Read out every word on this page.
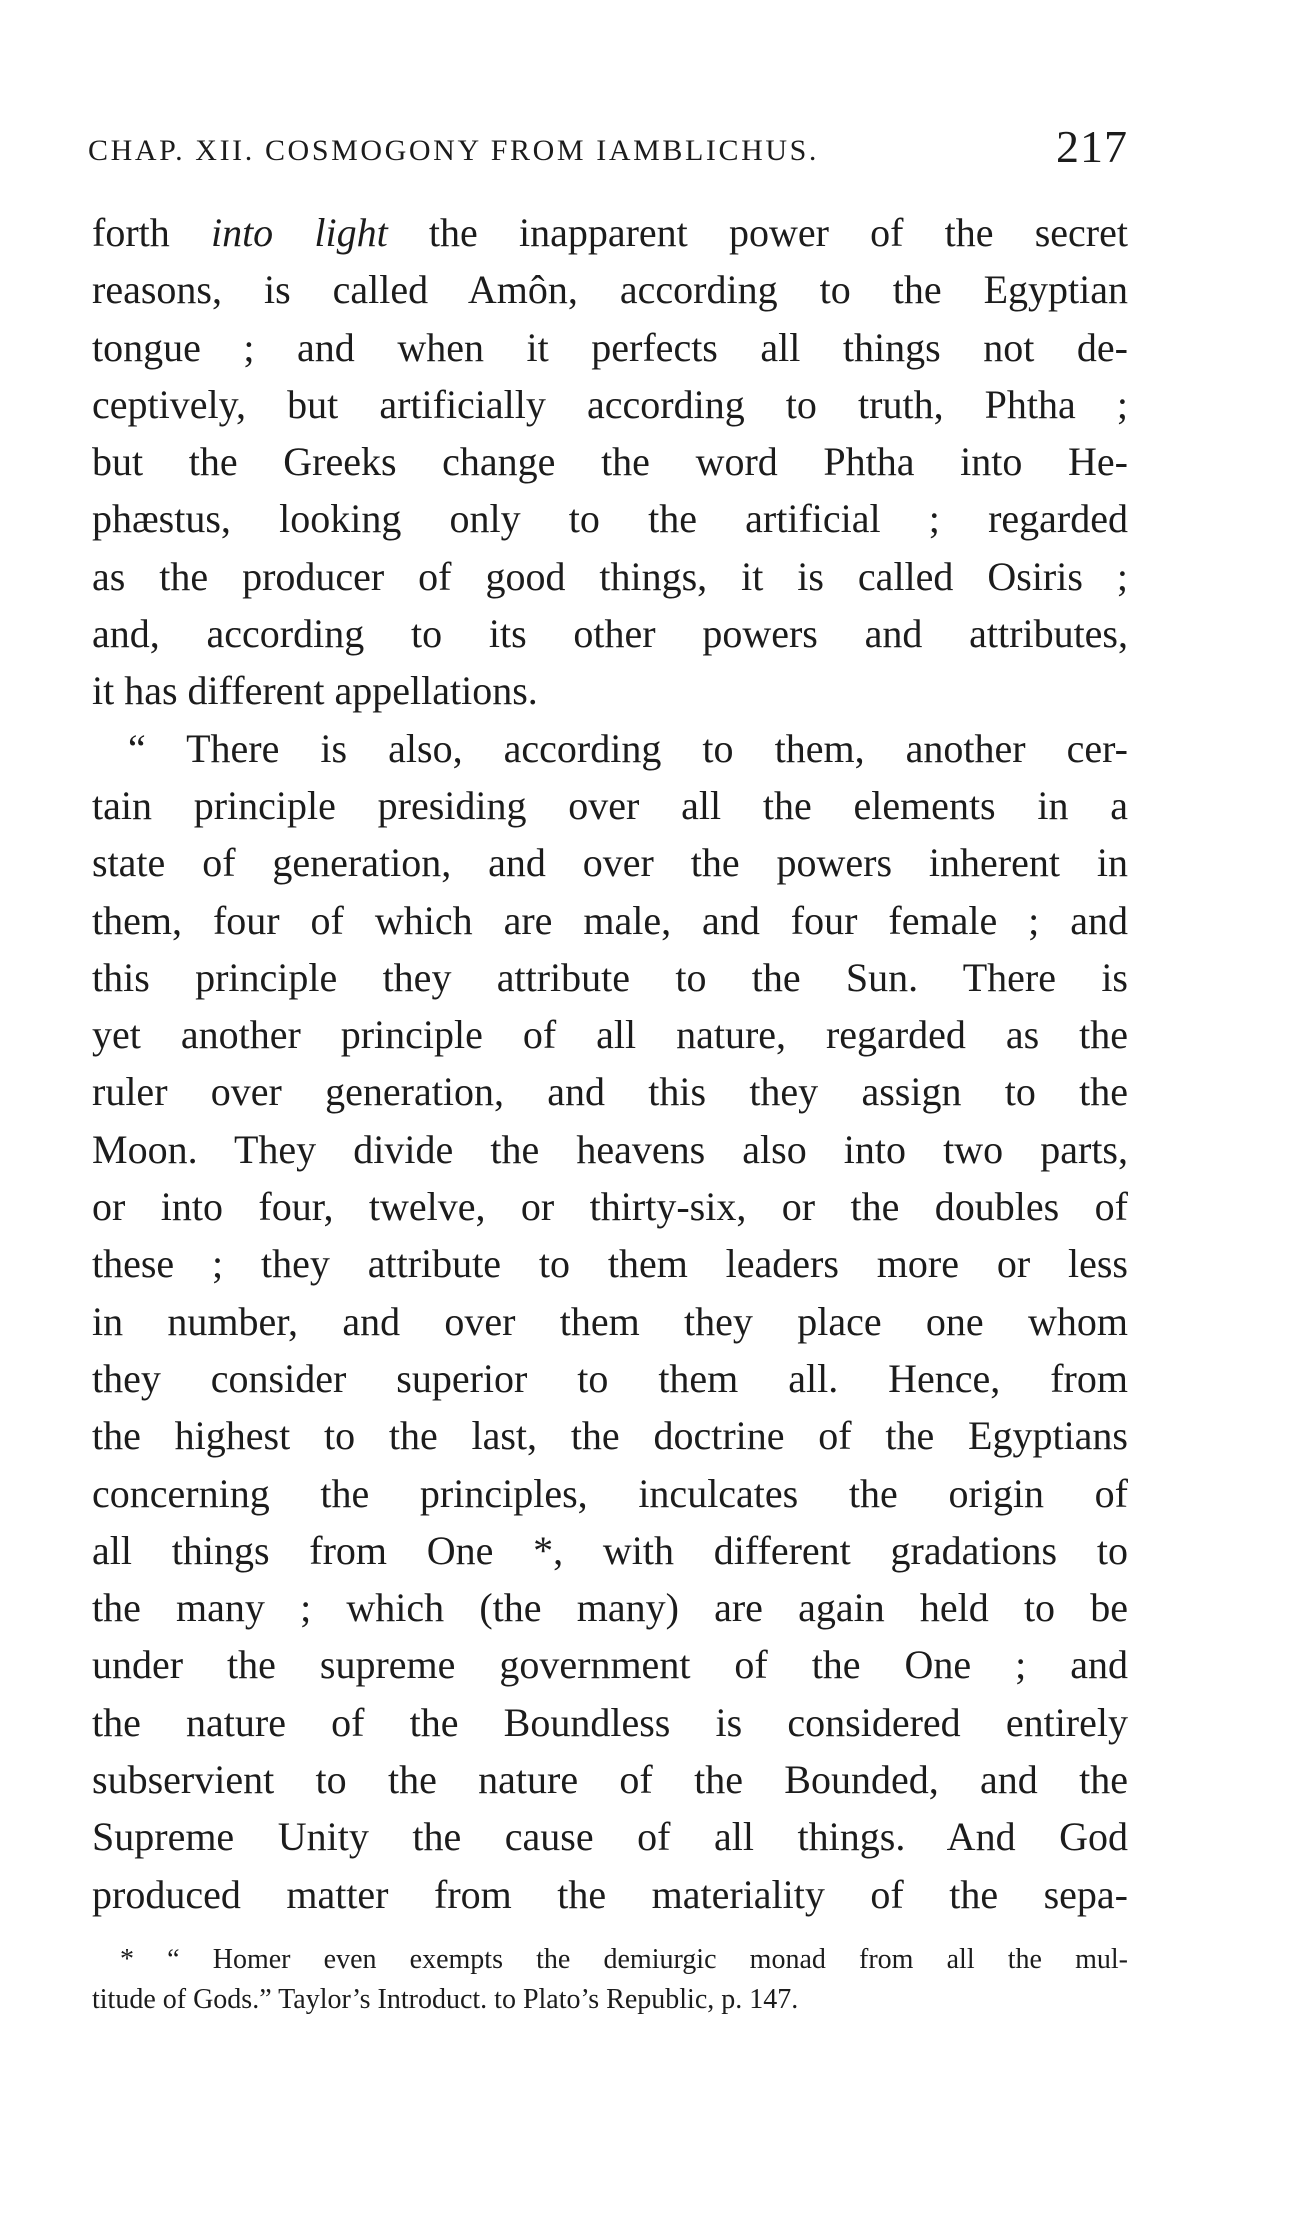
CHAP. XII. COSMOGONY FROM IAMBLICHUS.	217
forth into light the inapparent power of the secret
reasons, is called Amôn, according to the Egyptian
tongue ; and when it perfects all things not de-
ceptively, but artificially according to truth, Phtha ;
but the Greeks change the word Phtha into He-
phæstus, looking only to the artificial ; regarded
as the producer of good things, it is called Osiris ;
and, according to its other powers and attributes,
it has different appellations.
“ There is also, according to them, another cer-
tain principle presiding over all the elements in a
state of generation, and over the powers inherent in
them, four of which are male, and four female ; and
this principle they attribute to the Sun. There is
yet another principle of all nature, regarded as the
ruler over generation, and this they assign to the
Moon. They divide the heavens also into two parts,
or into four, twelve, or thirty-six, or the doubles of
these ; they attribute to them leaders more or less
in number, and over them they place one whom
they consider superior to them all. Hence, from
the highest to the last, the doctrine of the Egyptians
concerning the principles, inculcates the origin of
all things from One *, with different gradations to
the many ; which (the many) are again held to be
under the supreme government of the One ; and
the nature of the Boundless is considered entirely
subservient to the nature of the Bounded, and the
Supreme Unity the cause of all things. And God
produced matter from the materiality of the sepa-
* “ Homer even exempts the demiurgic monad from all the mul-
titude of Gods.” Taylor’s Introduct. to Plato’s Republic, p. 147.
